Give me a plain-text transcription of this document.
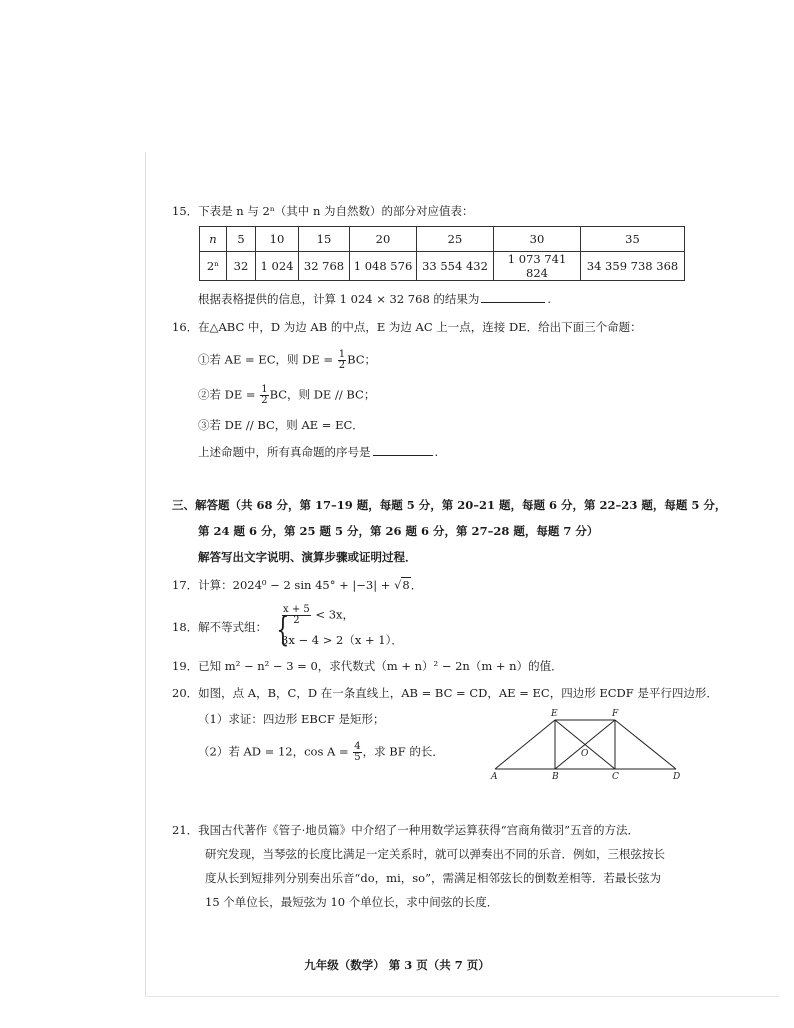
15．下表是 n 与 2ⁿ（其中 n 为自然数）的部分对应值表：
n	5	10	15	20	25	30	35
2ⁿ	32	1 024	32 768	1 048 576	33 554 432	1 073 741 824	34 359 738 368
根据表格提供的信息，计算 1 024 × 32 768 的结果为	.
16．在△ABC 中，D 为边 AB 的中点，E 为边 AC 上一点，连接 DE．给出下面三个命题：
①若 AE = EC，则 DE = $\frac{1}{2}$ BC；
②若 DE = $\frac{1}{2}$ BC，则 DE // BC；
③若 DE // BC，则 AE = EC．
上述命题中，所有真命题的序号是	.
三、解答题（共 68 分，第 17–19 题，每题 5 分，第 20–21 题，每题 6 分，第 22–23 题，每题 5 分，
第 24 题 6 分，第 25 题 5 分，第 26 题 6 分，第 27–28 题，每题 7 分）
解答写出文字说明、演算步骤或证明过程．
17．计算：2024⁰ − 2 sin 45° + |−3| + √8．
18．解不等式组： {
$\frac{x + 5}{2} < 3x$，
3x − 4 > 2（x + 1）．
19．已知 m² − n² − 3 = 0，求代数式（m + n）² − 2n（m + n）的值．
20．如图，点 A，B，C，D 在一条直线上，AB = BC = CD，AE = EC，四边形 ECDF 是平行四边形．
（1）求证：四边形 EBCF 是矩形；
（2）若 AD = 12，$\cos A = \frac{4}{5}$ ，求 BF 的长．
A	B	C	D
E	F
O
21．我国古代著作《管子·地员篇》中介绍了一种用数学运算获得“宫商角徵羽”五音的方法．
研究发现，当琴弦的长度比满足一定关系时，就可以弹奏出不同的乐音．例如，三根弦按长
度从长到短排列分别奏出乐音“do，mi，so”，需满足相邻弦长的倒数差相等．若最长弦为
15 个单位长，最短弦为 10 个单位长，求中间弦的长度．
九年级（数学） 第 3 页（共 7 页）
